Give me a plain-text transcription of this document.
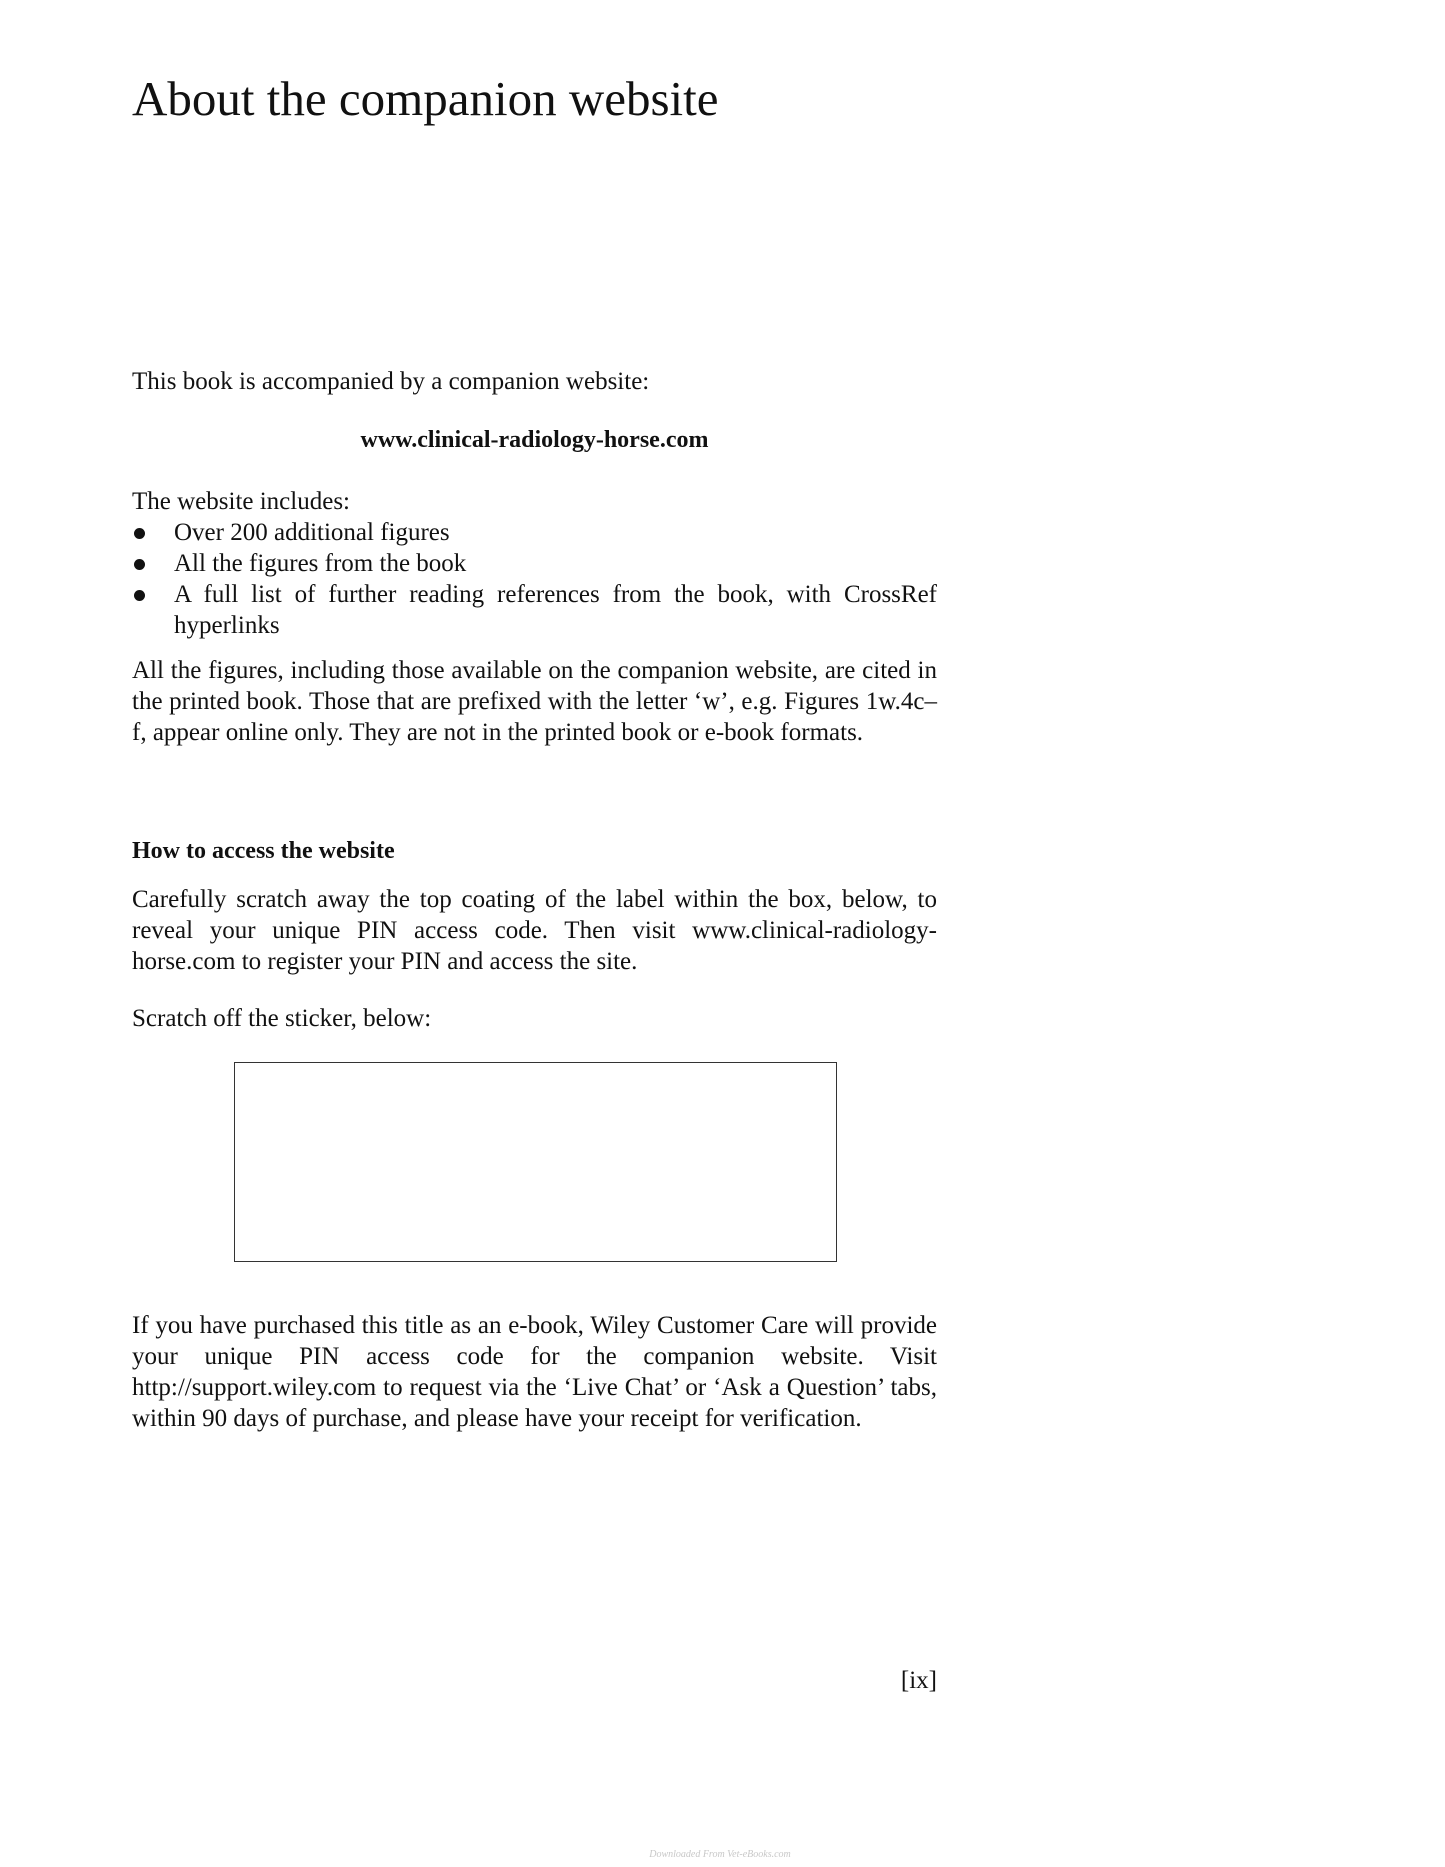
About the companion website

This book is accompanied by a companion website:

www.clinical-radiology-horse.com

The website includes:

Over 200 additional figures
All the figures from the book
A full list of further reading references from the book, with CrossRef hyperlinks

All the figures, including those available on the companion website, are cited in the printed book. Those that are prefixed with the letter ‘w’, e.g. Figures 1w.4c–f, appear online only. They are not in the printed book or e-book formats.

How to access the website

Carefully scratch away the top coating of the label within the box, below, to reveal your unique PIN access code. Then visit www.clinical-radiology-horse.com to register your PIN and access the site.

Scratch off the sticker, below:

If you have purchased this title as an e-book, Wiley Customer Care will provide your unique PIN access code for the companion website. Visit http://support.wiley.com to request via the ‘Live Chat’ or ‘Ask a Question’ tabs, within 90 days of purchase, and please have your receipt for verification.

[ix]

Downloaded From Vet-eBooks.com
